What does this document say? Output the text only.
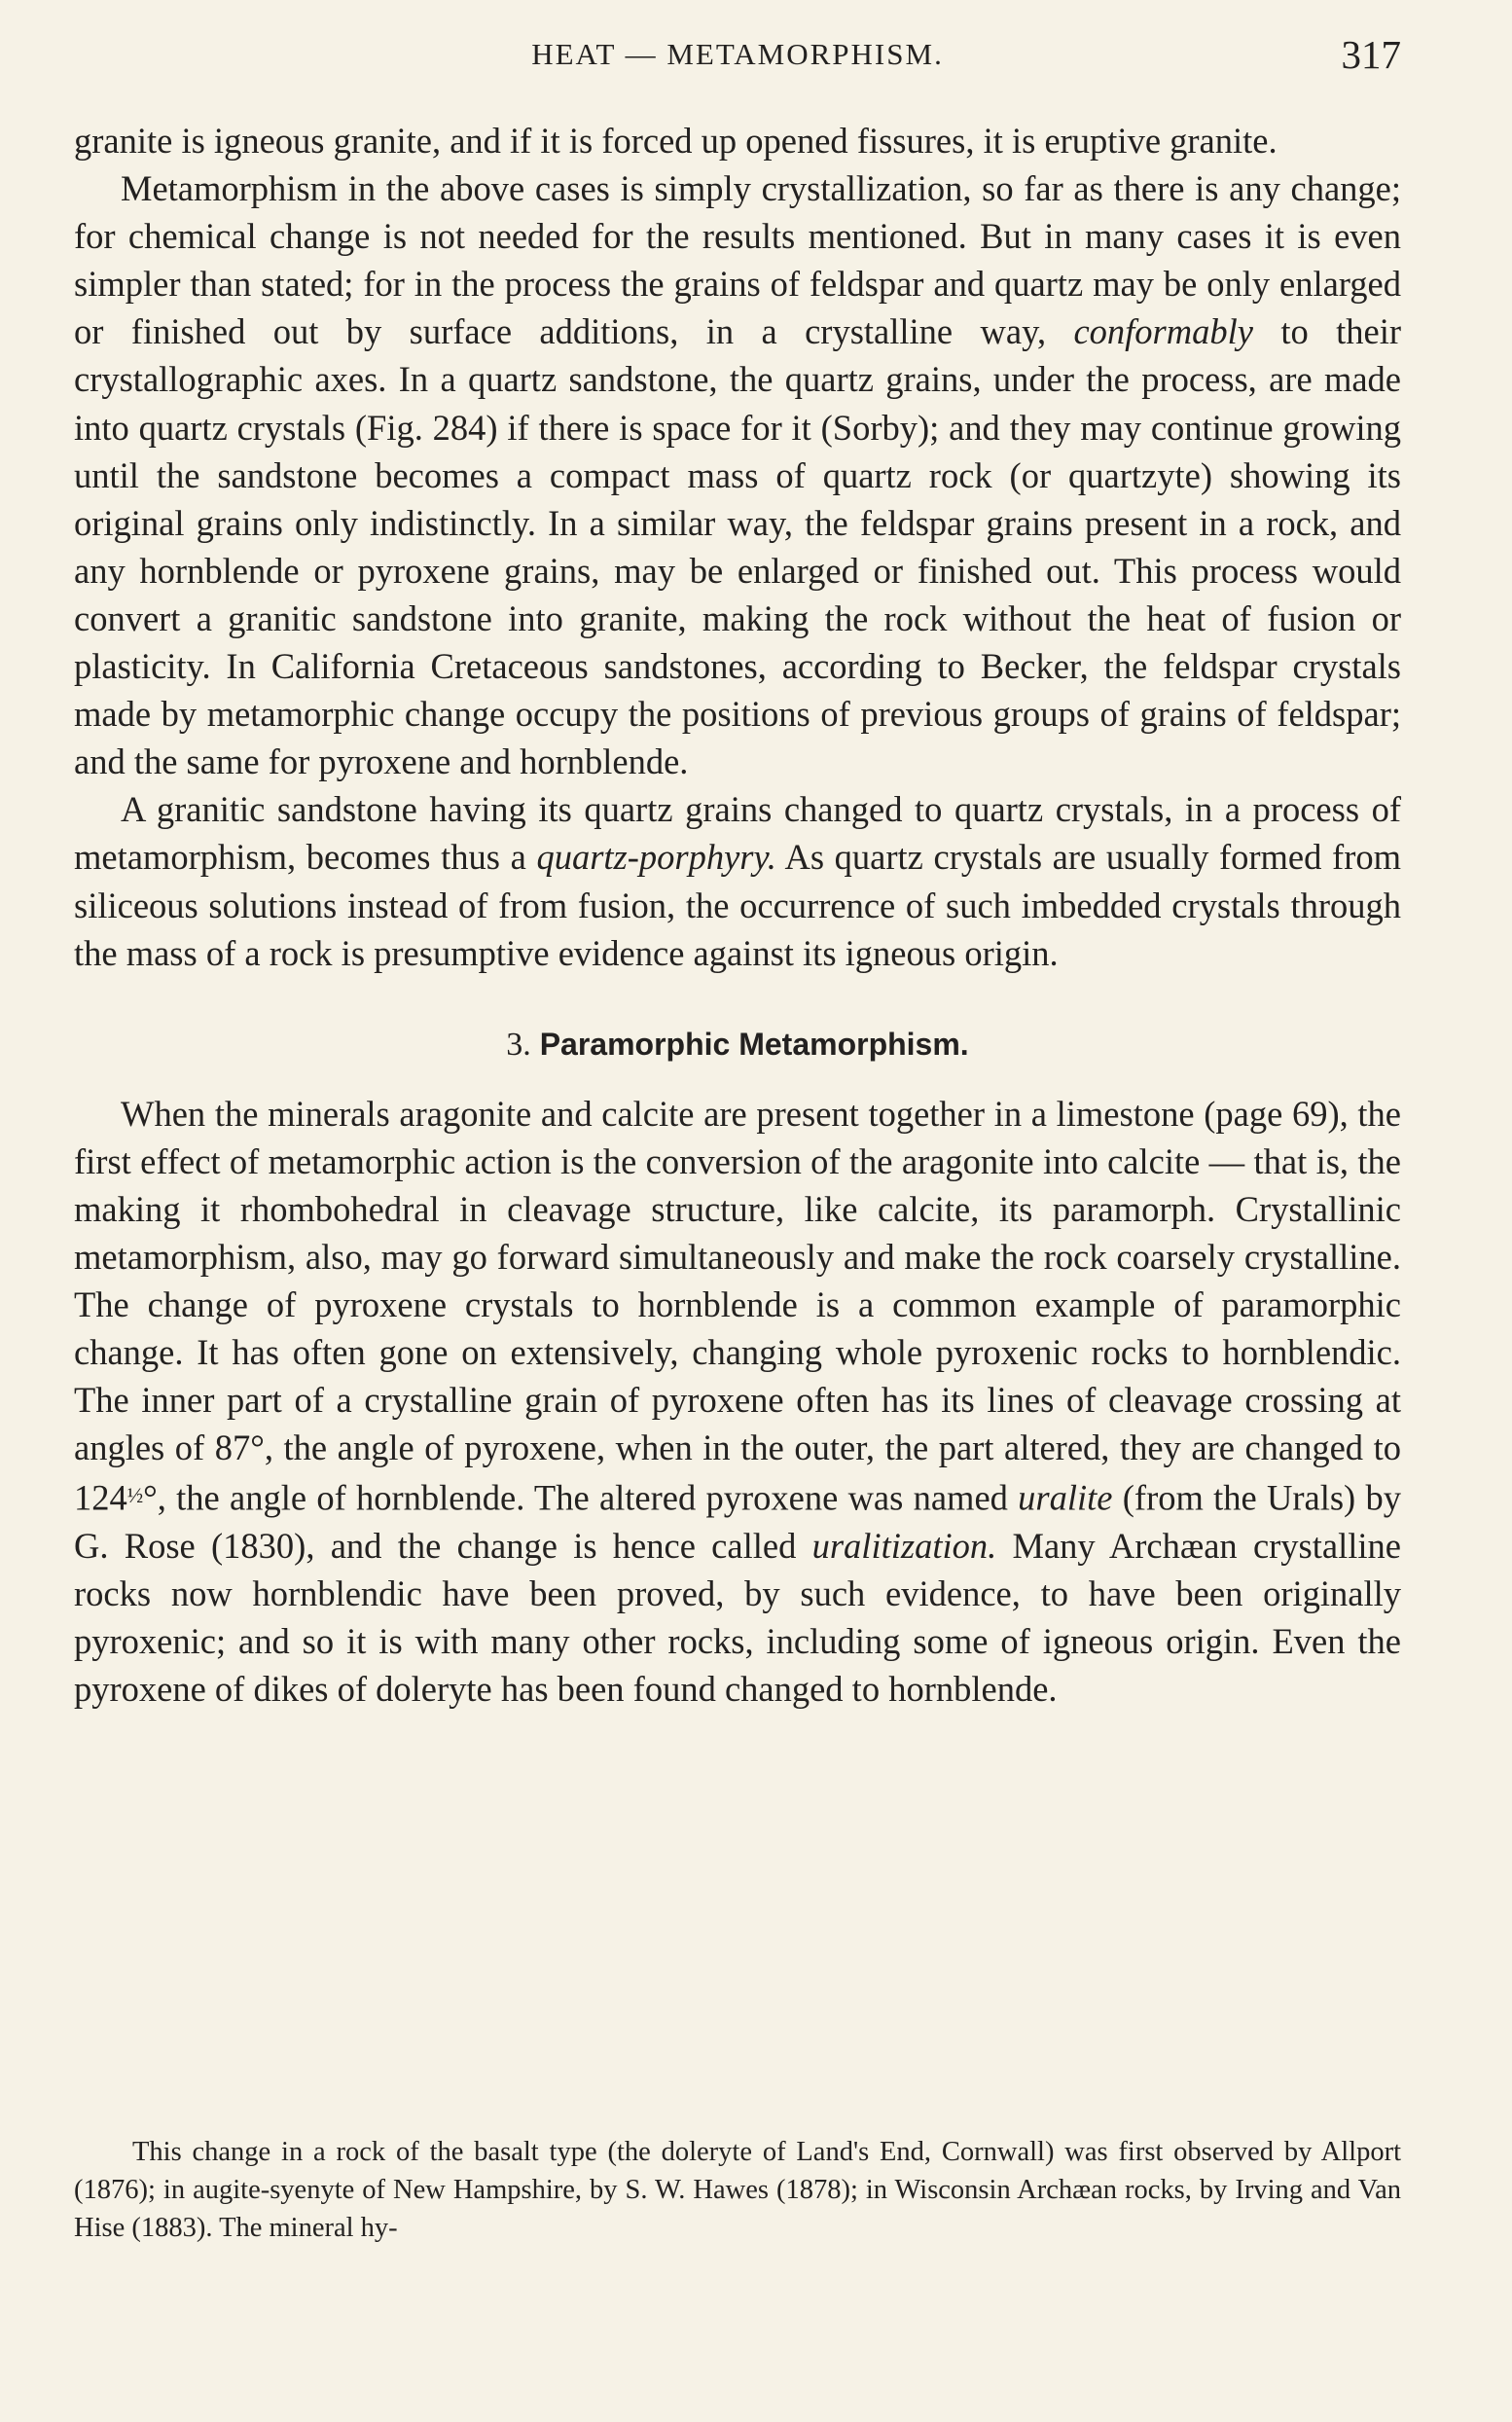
HEAT — METAMORPHISM.	317

granite is igneous granite, and if it is forced up opened fissures, it is eruptive granite.

Metamorphism in the above cases is simply crystallization, so far as there is any change; for chemical change is not needed for the results mentioned. But in many cases it is even simpler than stated; for in the process the grains of feldspar and quartz may be only enlarged or finished out by surface additions, in a crystalline way, conformably to their crystallographic axes. In a quartz sandstone, the quartz grains, under the process, are made into quartz crystals (Fig. 284) if there is space for it (Sorby); and they may continue growing until the sandstone becomes a compact mass of quartz rock (or quartzyte) showing its original grains only indistinctly. In a similar way, the feldspar grains present in a rock, and any hornblende or pyroxene grains, may be enlarged or finished out. This process would convert a granitic sandstone into granite, making the rock without the heat of fusion or plasticity. In California Cretaceous sandstones, according to Becker, the feldspar crystals made by metamorphic change occupy the positions of previous groups of grains of feldspar; and the same for pyroxene and hornblende.

A granitic sandstone having its quartz grains changed to quartz crystals, in a process of metamorphism, becomes thus a quartz-porphyry. As quartz crystals are usually formed from siliceous solutions instead of from fusion, the occurrence of such imbedded crystals through the mass of a rock is presumptive evidence against its igneous origin.

3. Paramorphic Metamorphism.

When the minerals aragonite and calcite are present together in a limestone (page 69), the first effect of metamorphic action is the conversion of the aragonite into calcite — that is, the making it rhombohedral in cleavage structure, like calcite, its paramorph. Crystallinic metamorphism, also, may go forward simultaneously and make the rock coarsely crystalline. The change of pyroxene crystals to hornblende is a common example of paramorphic change. It has often gone on extensively, changing whole pyroxenic rocks to hornblendic. The inner part of a crystalline grain of pyroxene often has its lines of cleavage crossing at angles of 87°, the angle of pyroxene, when in the outer, the part altered, they are changed to $124^{\frac{1}{2}}^\circ$, the angle of hornblende. The altered pyroxene was named uralite (from the Urals) by G. Rose (1830), and the change is hence called uralitization. Many Archæan crystalline rocks now hornblendic have been proved, by such evidence, to have been originally pyroxenic; and so it is with many other rocks, including some of igneous origin. Even the pyroxene of dikes of doleryte has been found changed to hornblende.

This change in a rock of the basalt type (the doleryte of Land's End, Cornwall) was first observed by Allport (1876); in augite-syenyte of New Hampshire, by S. W. Hawes (1878); in Wisconsin Archæan rocks, by Irving and Van Hise (1883). The mineral hy-
